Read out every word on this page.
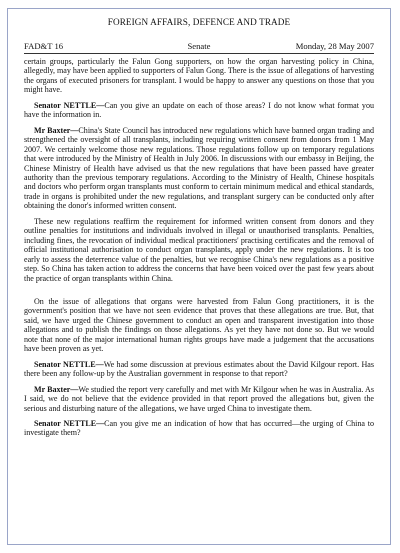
FOREIGN AFFAIRS, DEFENCE AND TRADE
FAD&T 16	Senate	Monday, 28 May 2007

certain groups, particularly the Falun Gong supporters, on how the organ harvesting policy in China, allegedly, may have been applied to supporters of Falun Gong. There is the issue of allegations of harvesting the organs of executed prisoners for transplant. I would be happy to answer any questions on those that you might have.

Senator NETTLE—Can you give an update on each of those areas? I do not know what format you have the information in.

Mr Baxter—China's State Council has introduced new regulations which have banned organ trading and strengthened the oversight of all transplants, including requiring written consent from donors from 1 May 2007. We certainly welcome those new regulations. Those regulations follow up on temporary regulations that were introduced by the Ministry of Health in July 2006. In discussions with our embassy in Beijing, the Chinese Ministry of Health have advised us that the new regulations that have been passed have greater authority than the previous temporary regulations. According to the Ministry of Health, Chinese hospitals and doctors who perform organ transplants must conform to certain minimum medical and ethical standards, trade in organs is prohibited under the new regulations, and transplant surgery can be conducted only after obtaining the donor's informed written consent.

These new regulations reaffirm the requirement for informed written consent from donors and they outline penalties for institutions and individuals involved in illegal or unauthorised transplants. Penalties, including fines, the revocation of individual medical practitioners' practising certificates and the removal of official institutional authorisation to conduct organ transplants, apply under the new regulations. It is too early to assess the deterrence value of the penalties, but we recognise China's new regulations as a positive step. So China has taken action to address the concerns that have been voiced over the past few years about the practice of organ transplants within China.

On the issue of allegations that organs were harvested from Falun Gong practitioners, it is the government's position that we have not seen evidence that proves that these allegations are true. But, that said, we have urged the Chinese government to conduct an open and transparent investigation into those allegations and to publish the findings on those allegations. As yet they have not done so. But we would note that none of the major international human rights groups have made a judgement that the accusations have been proven as yet.

Senator NETTLE—We had some discussion at previous estimates about the David Kilgour report. Has there been any follow-up by the Australian government in response to that report?

Mr Baxter—We studied the report very carefully and met with Mr Kilgour when he was in Australia. As I said, we do not believe that the evidence provided in that report proved the allegations but, given the serious and disturbing nature of the allegations, we have urged China to investigate them.

Senator NETTLE—Can you give me an indication of how that has occurred—the urging of China to investigate them?
